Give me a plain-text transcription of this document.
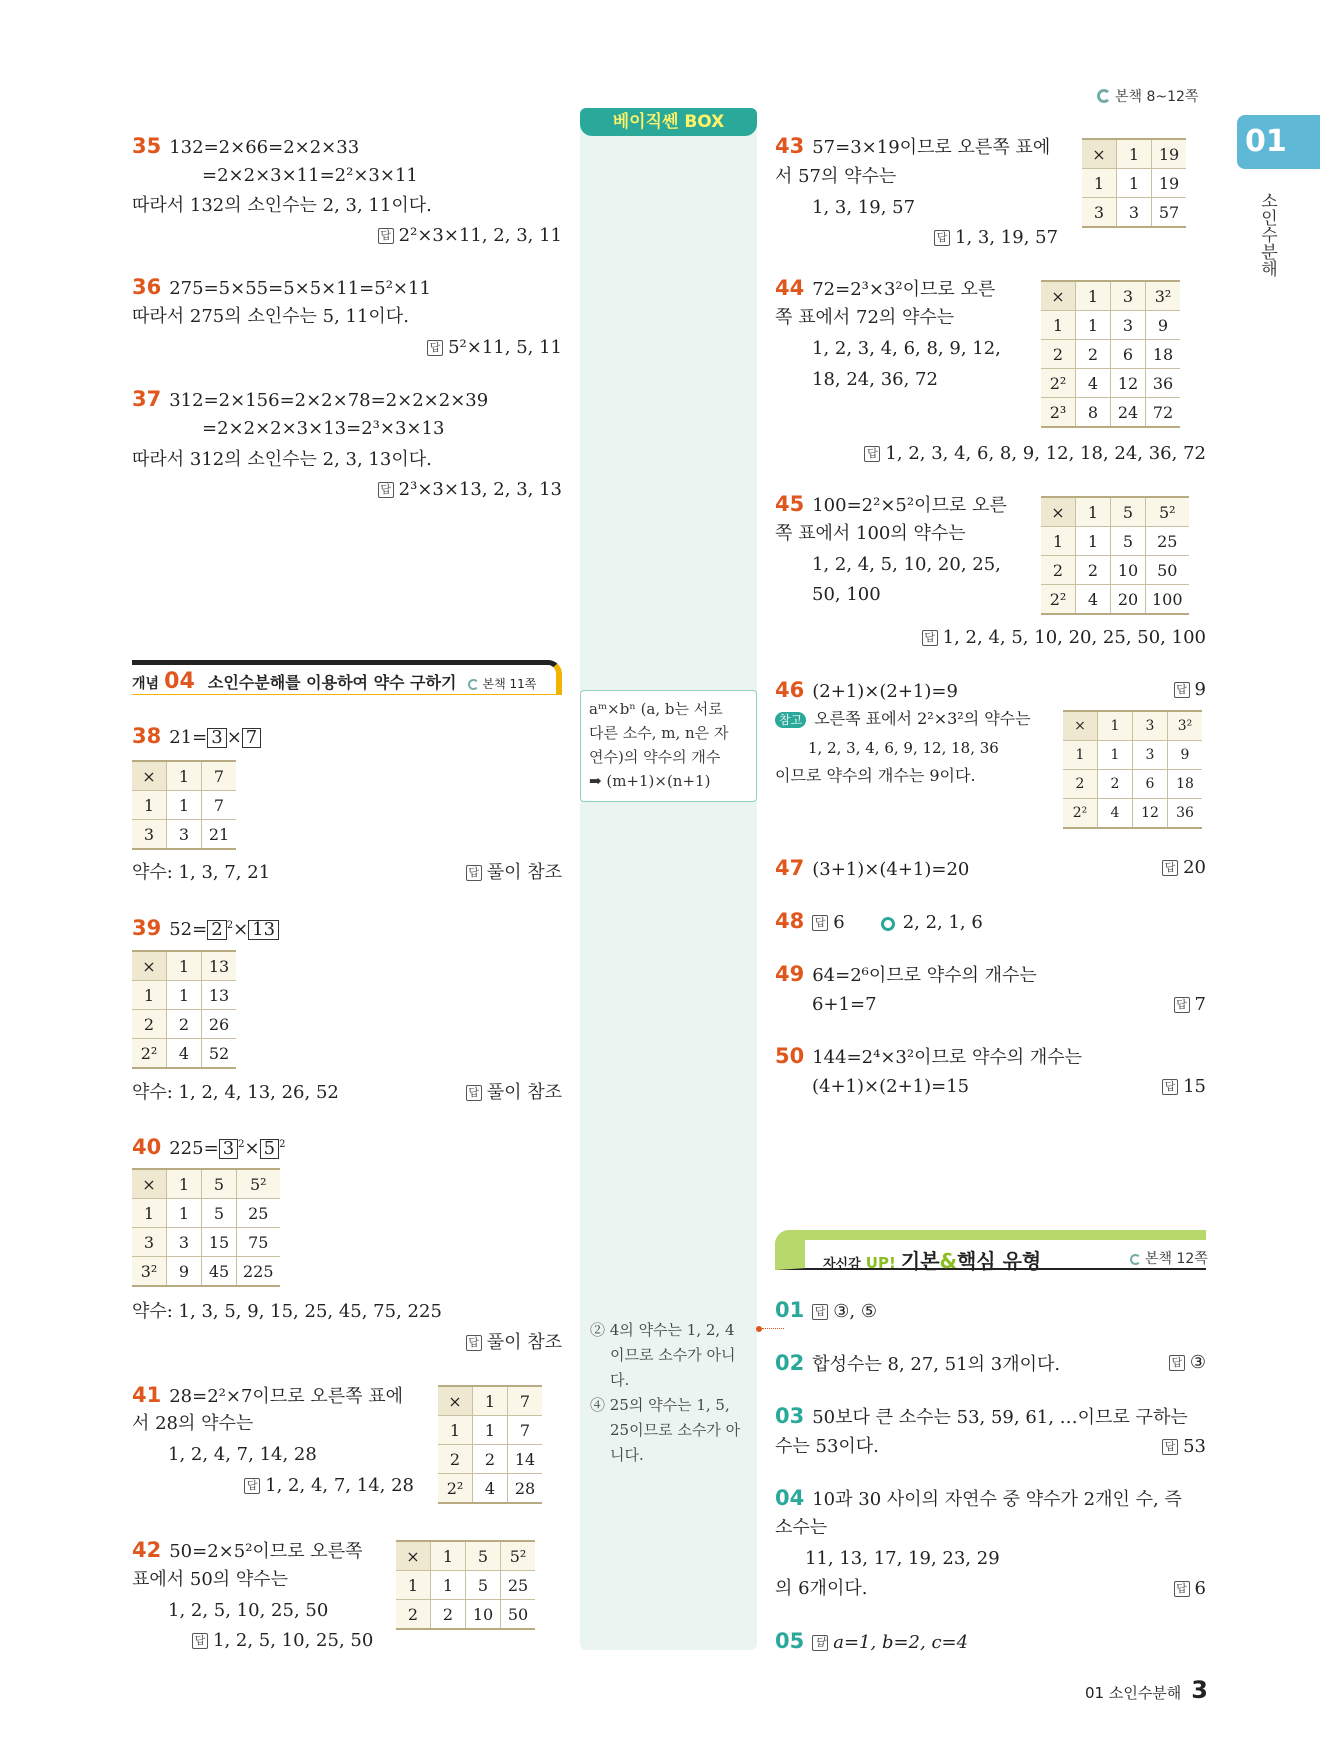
본책 8~12쪽
01
소인수분해
베이직쎈 BOX
aᵐ×bⁿ (a, b는 서로
다른 소수, m, n은 자
연수)의 약수의 개수
➡ (m+1)×(n+1)
② 4의 약수는 1, 2, 4
이므로 소수가 아니
다.
④ 25의 약수는 1, 5,
25이므로 소수가 아
니다.
35 132=2×66=2×2×33
=2×2×3×11=2²×3×11
따라서 132의 소인수는 2, 3, 11이다.
답 2²×3×11, 2, 3, 11
36 275=5×55=5×5×11=5²×11
따라서 275의 소인수는 5, 11이다.
답 5²×11, 5, 11
37 312=2×156=2×2×78=2×2×2×39
=2×2×2×3×13=2³×3×13
따라서 312의 소인수는 2, 3, 13이다.
답 2³×3×13, 2, 3, 13
개념 04 소인수분해를 이용하여 약수 구하기 본책 11쪽
38 21= 3 × 7
×	1	7
1	1	7
3	3	21
약수: 1, 3, 7, 21	답 풀이 참조
39 52= 2 $^2$× 13
×	1	13
1	1	13
2	2	26
2²	4	52
약수: 1, 2, 4, 13, 26, 52	답 풀이 참조
40 225= 3 $^2$× 5 $^2$
×	1	5	5²
1	1	5	25
3	3	15	75
3²	9	45	225
약수: 1, 3, 5, 9, 15, 25, 45, 75, 225
답 풀이 참조
41 28=2²×7이므로 오른쪽 표에
서 28의 약수는
1, 2, 4, 7, 14, 28
답 1, 2, 4, 7, 14, 28
×	1	7
1	1	7
2	2	14
2²	4	28
42 50=2×5²이므로 오른쪽
표에서 50의 약수는
1, 2, 5, 10, 25, 50
답 1, 2, 5, 10, 25, 50
×	1	5	5²
1	1	5	25
2	2	10	50
43 57=3×19이므로 오른쪽 표에
서 57의 약수는
1, 3, 19, 57
답 1, 3, 19, 57
×	1	19
1	1	19
3	3	57
44 72=2³×3²이므로 오른
쪽 표에서 72의 약수는
1, 2, 3, 4, 6, 8, 9, 12,
18, 24, 36, 72
답 1, 2, 3, 4, 6, 8, 9, 12, 18, 24, 36, 72
×	1	3	3²
1	1	3	9
2	2	6	18
2²	4	12	36
2³	8	24	72
45 100=2²×5²이므로 오른
쪽 표에서 100의 약수는
1, 2, 4, 5, 10, 20, 25,
50, 100
답 1, 2, 4, 5, 10, 20, 25, 50, 100
×	1	5	5²
1	1	5	25
2	2	10	50
2²	4	20	100
46 (2+1)×(2+1)=9	답 9
참고 오른쪽 표에서 2²×3²의 약수는
1, 2, 3, 4, 6, 9, 12, 18, 36
이므로 약수의 개수는 9이다.
×	1	3	3²
1	1	3	9
2	2	6	18
2²	4	12	36
47 (3+1)×(4+1)=20	답 20
48 답 6	2, 2, 1, 6
49 64=2⁶이므로 약수의 개수는
6+1=7	답 7
50 144=2⁴×3²이므로 약수의 개수는
(4+1)×(2+1)=15	답 15
자신감 UP! 기본&핵심 유형	본책 12쪽
01 답 ③, ⑤
02 합성수는 8, 27, 51의 3개이다.	답 ③
03 50보다 큰 소수는 53, 59, 61, …이므로 구하는
수는 53이다.	답 53
04 10과 30 사이의 자연수 중 약수가 2개인 수, 즉
소수는
11, 13, 17, 19, 23, 29
의 6개이다.	답 6
05 답 a=1, b=2, c=4
01 소인수분해 3
